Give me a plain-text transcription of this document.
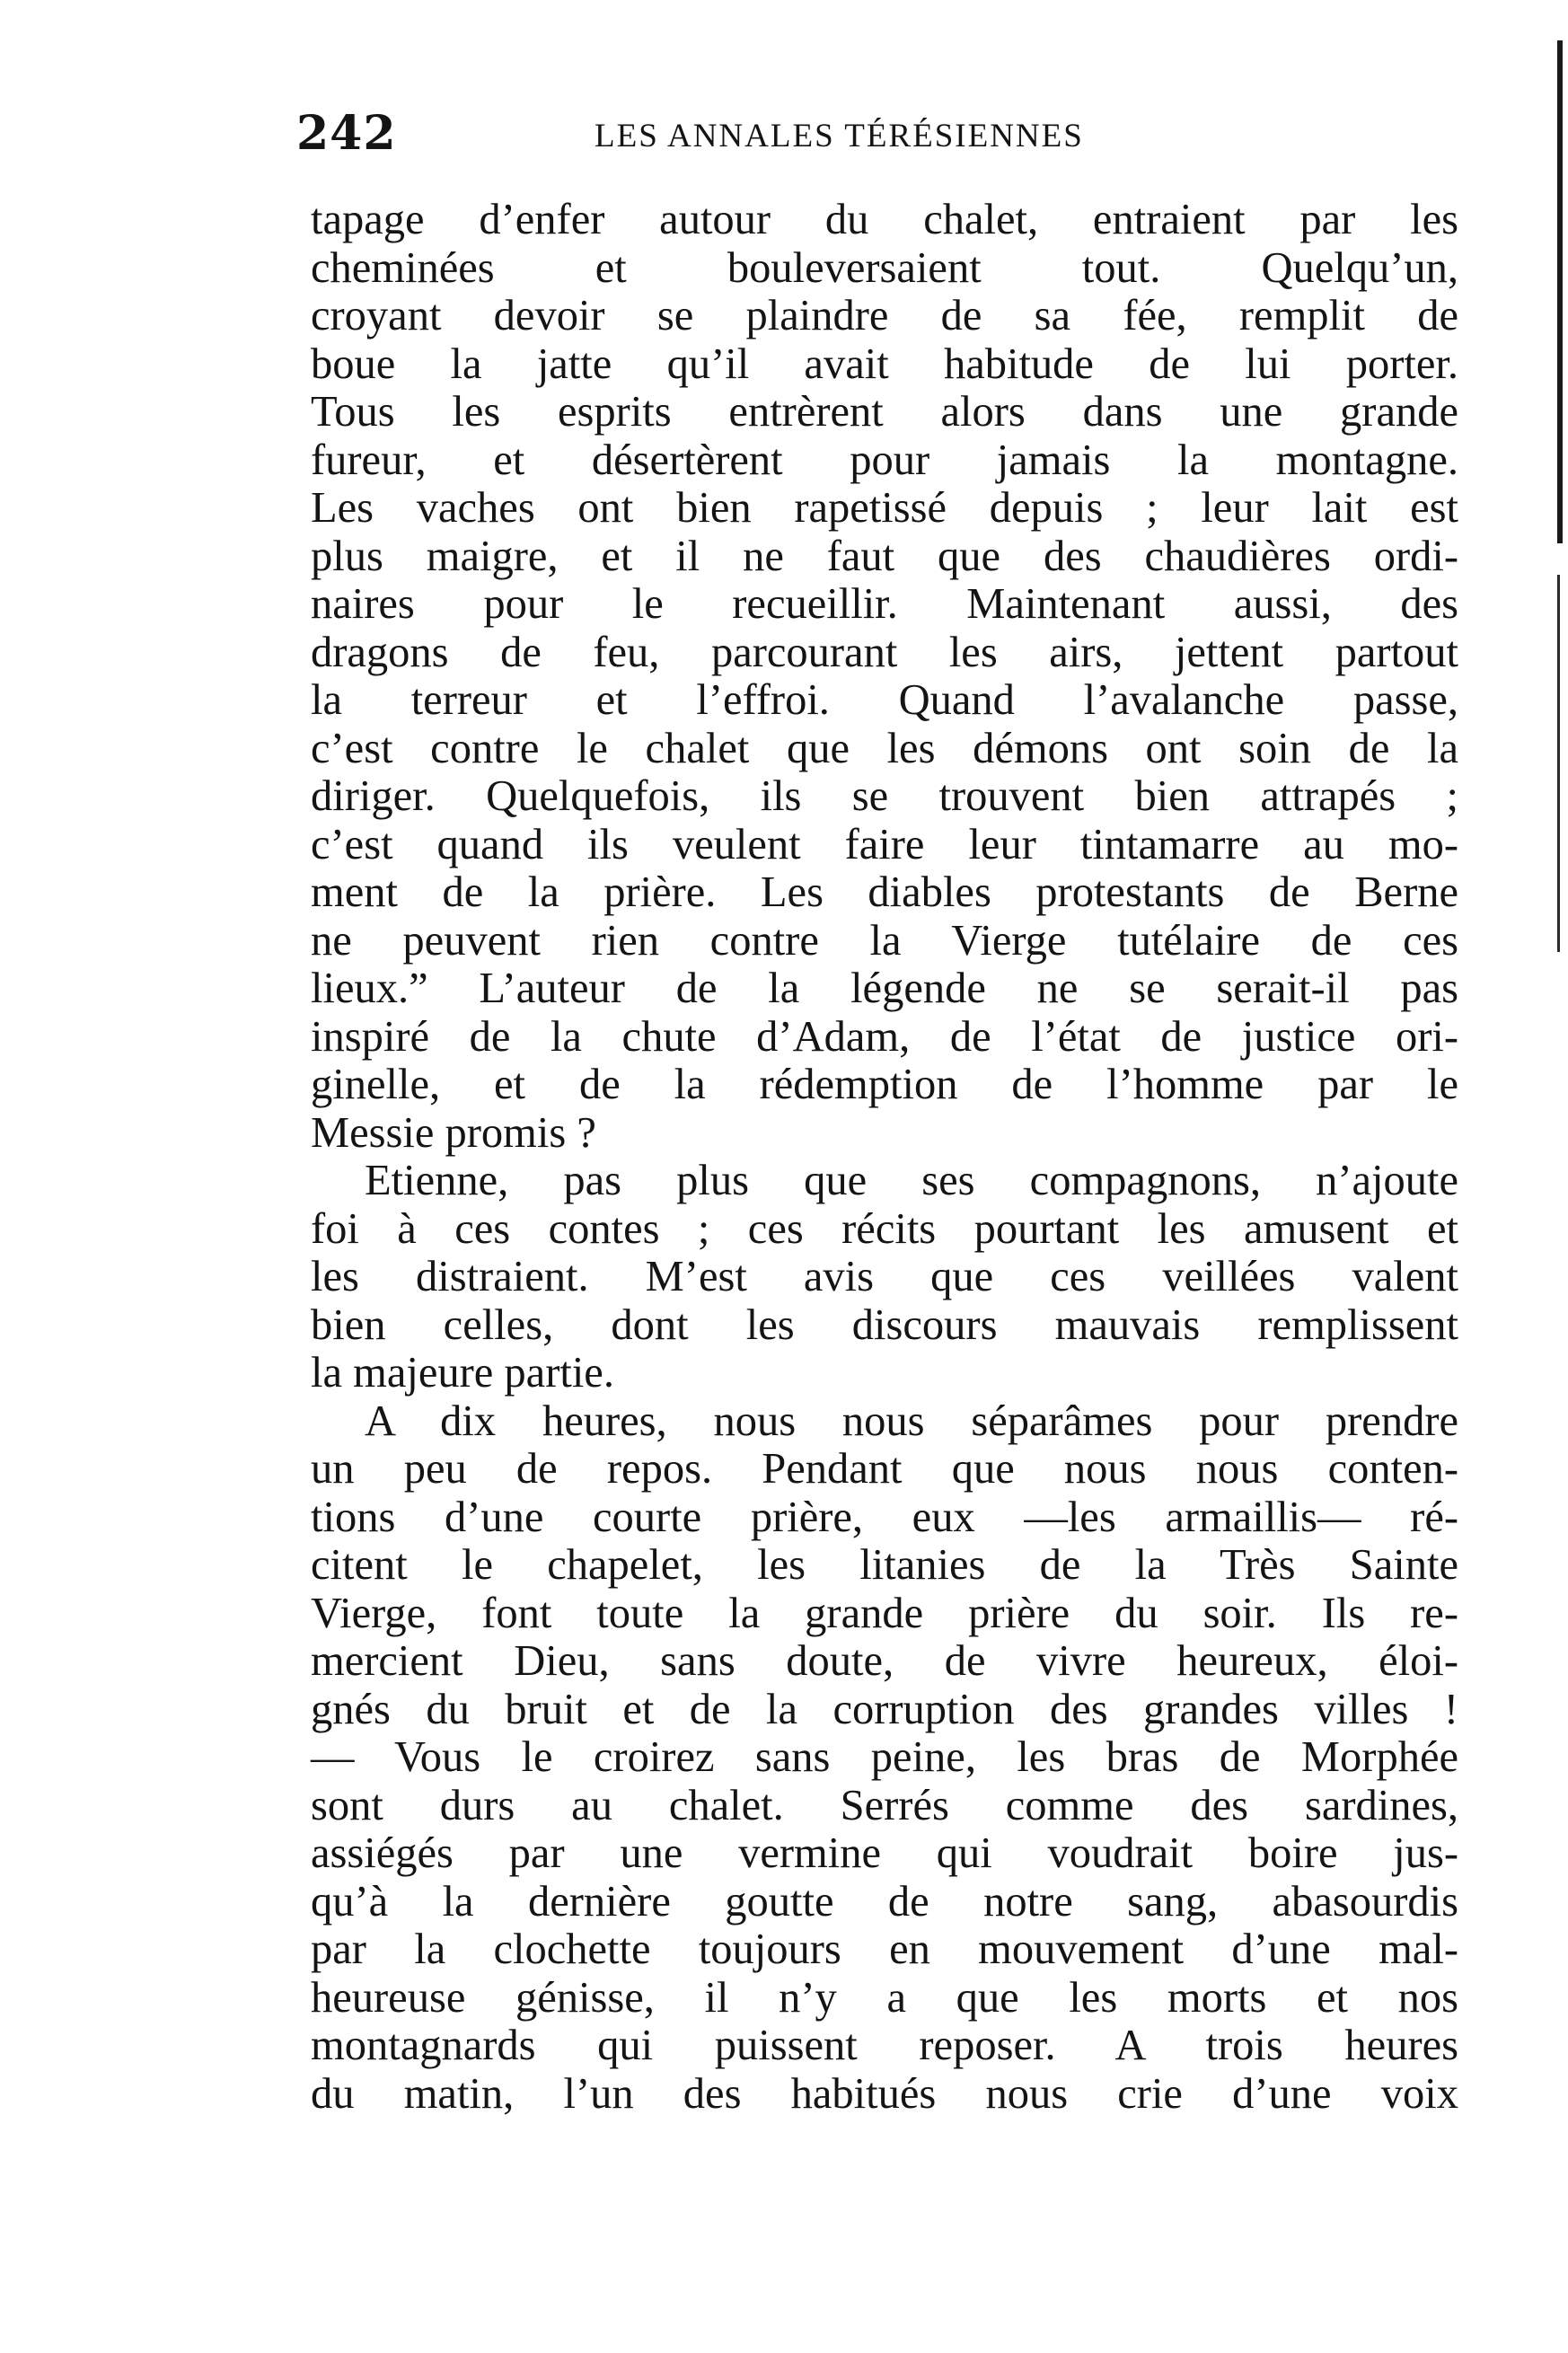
242	LES ANNALES TÉRÉSIENNES
tapage d’enfer autour du chalet, entraient par les
cheminées et bouleversaient tout. Quelqu’un,
croyant devoir se plaindre de sa fée, remplit de
boue la jatte qu’il avait habitude de lui porter.
Tous les esprits entrèrent alors dans une grande
fureur, et désertèrent pour jamais la montagne.
Les vaches ont bien rapetissé depuis ; leur lait est
plus maigre, et il ne faut que des chaudières ordi-
naires pour le recueillir. Maintenant aussi, des
dragons de feu, parcourant les airs, jettent partout
la terreur et l’effroi. Quand l’avalanche passe,
c’est contre le chalet que les démons ont soin de la
diriger. Quelquefois, ils se trouvent bien attrapés ;
c’est quand ils veulent faire leur tintamarre au mo-
ment de la prière. Les diables protestants de Berne
ne peuvent rien contre la Vierge tutélaire de ces
lieux.” L’auteur de la légende ne se serait-il pas
inspiré de la chute d’Adam, de l’état de justice ori-
ginelle, et de la rédemption de l’homme par le
Messie promis ?
Etienne, pas plus que ses compagnons, n’ajoute
foi à ces contes ; ces récits pourtant les amusent et
les distraient. M’est avis que ces veillées valent
bien celles, dont les discours mauvais remplissent
la majeure partie.
A dix heures, nous nous séparâmes pour prendre
un peu de repos. Pendant que nous nous conten-
tions d’une courte prière, eux —les armaillis— ré-
citent le chapelet, les litanies de la Très Sainte
Vierge, font toute la grande prière du soir. Ils re-
mercient Dieu, sans doute, de vivre heureux, éloi-
gnés du bruit et de la corruption des grandes villes !
— Vous le croirez sans peine, les bras de Morphée
sont durs au chalet. Serrés comme des sardines,
assiégés par une vermine qui voudrait boire jus-
qu’à la dernière goutte de notre sang, abasourdis
par la clochette toujours en mouvement d’une mal-
heureuse génisse, il n’y a que les morts et nos
montagnards qui puissent reposer. A trois heures
du matin, l’un des habitués nous crie d’une voix
